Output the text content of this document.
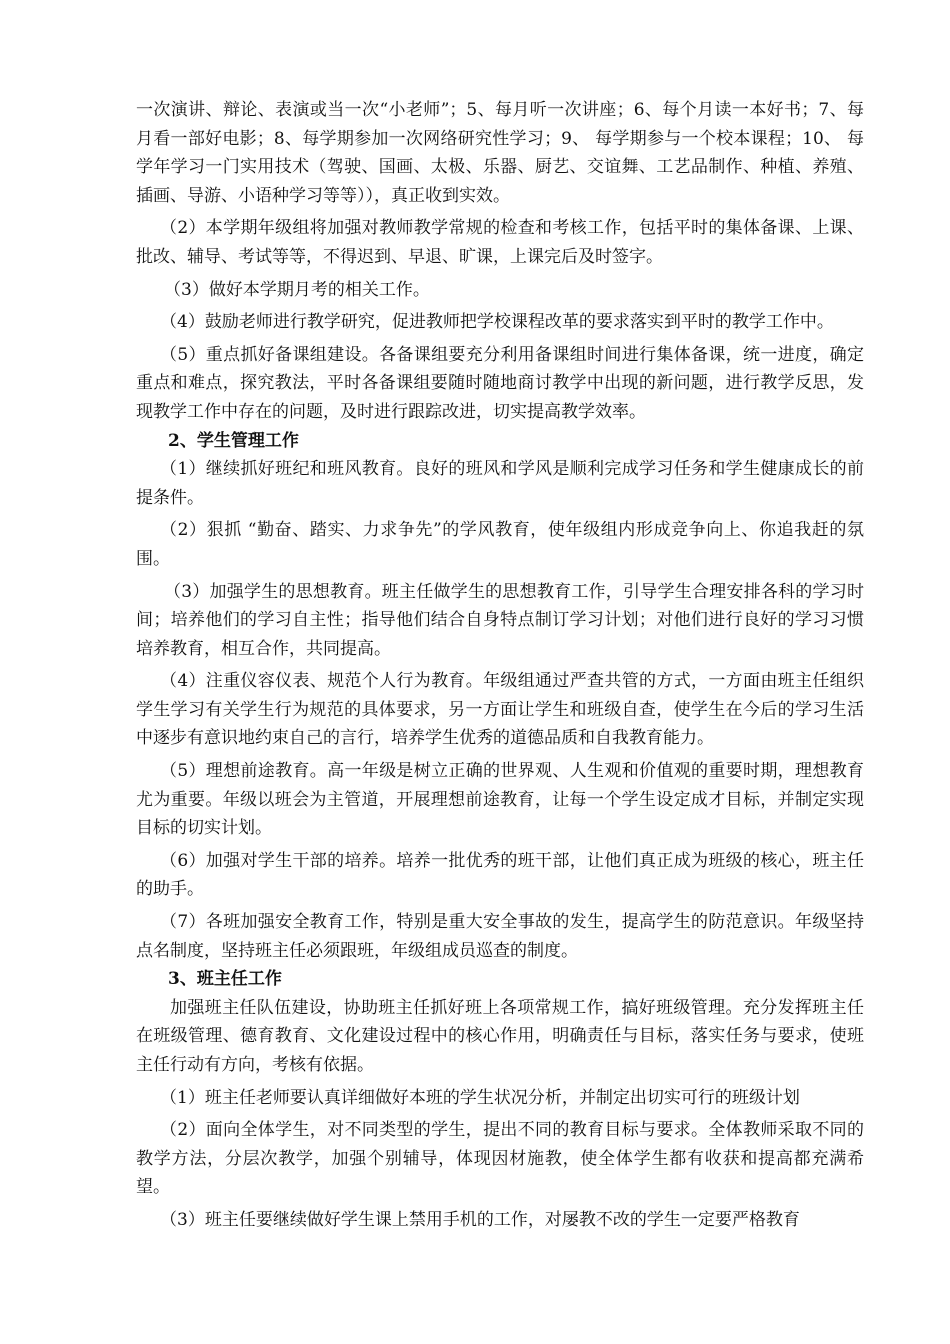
一次演讲、辩论、表演或当一次“小老师”；5、每月听一次讲座；6、每个月读一本好书；7、每月看一部好电影；8、每学期参加一次网络研究性学习；9、 每学期参与一个校本课程；10、 每学年学习一门实用技术（驾驶、国画、太极、乐器、厨艺、交谊舞、工艺品制作、种植、养殖、插画、导游、小语种学习等等）），真正收到实效。

（2）本学期年级组将加强对教师教学常规的检查和考核工作，包括平时的集体备课、上课、批改、辅导、考试等等，不得迟到、早退、旷课，上课完后及时签字。

（3）做好本学期月考的相关工作。

（4）鼓励老师进行教学研究，促进教师把学校课程改革的要求落实到平时的教学工作中。

（5）重点抓好备课组建设。各备课组要充分利用备课组时间进行集体备课，统一进度，确定重点和难点，探究教法，平时各备课组要随时随地商讨教学中出现的新问题，进行教学反思，发现教学工作中存在的问题，及时进行跟踪改进，切实提高教学效率。

2、学生管理工作

（1）继续抓好班纪和班风教育。良好的班风和学风是顺利完成学习任务和学生健康成长的前提条件。

（2）狠抓 “勤奋、踏实、力求争先”的学风教育，使年级组内形成竞争向上、你追我赶的氛围。

（3）加强学生的思想教育。班主任做学生的思想教育工作，引导学生合理安排各科的学习时间；培养他们的学习自主性；指导他们结合自身特点制订学习计划；对他们进行良好的学习习惯培养教育，相互合作，共同提高。

（4）注重仪容仪表、规范个人行为教育。年级组通过严查共管的方式，一方面由班主任组织学生学习有关学生行为规范的具体要求，另一方面让学生和班级自查，使学生在今后的学习生活中逐步有意识地约束自己的言行，培养学生优秀的道德品质和自我教育能力。

（5）理想前途教育。高一年级是树立正确的世界观、人生观和价值观的重要时期，理想教育尤为重要。年级以班会为主管道，开展理想前途教育，让每一个学生设定成才目标，并制定实现目标的切实计划。

（6）加强对学生干部的培养。培养一批优秀的班干部，让他们真正成为班级的核心，班主任的助手。

（7）各班加强安全教育工作，特别是重大安全事故的发生，提高学生的防范意识。年级坚持点名制度，坚持班主任必须跟班，年级组成员巡查的制度。

3、班主任工作

加强班主任队伍建设，协助班主任抓好班上各项常规工作，搞好班级管理。充分发挥班主任在班级管理、德育教育、文化建设过程中的核心作用，明确责任与目标，落实任务与要求，使班主任行动有方向，考核有依据。

（1）班主任老师要认真详细做好本班的学生状况分析，并制定出切实可行的班级计划

（2）面向全体学生，对不同类型的学生，提出不同的教育目标与要求。全体教师采取不同的教学方法，分层次教学，加强个别辅导，体现因材施教，使全体学生都有收获和提高都充满希望。

（3）班主任要继续做好学生课上禁用手机的工作，对屡教不改的学生一定要严格教育
